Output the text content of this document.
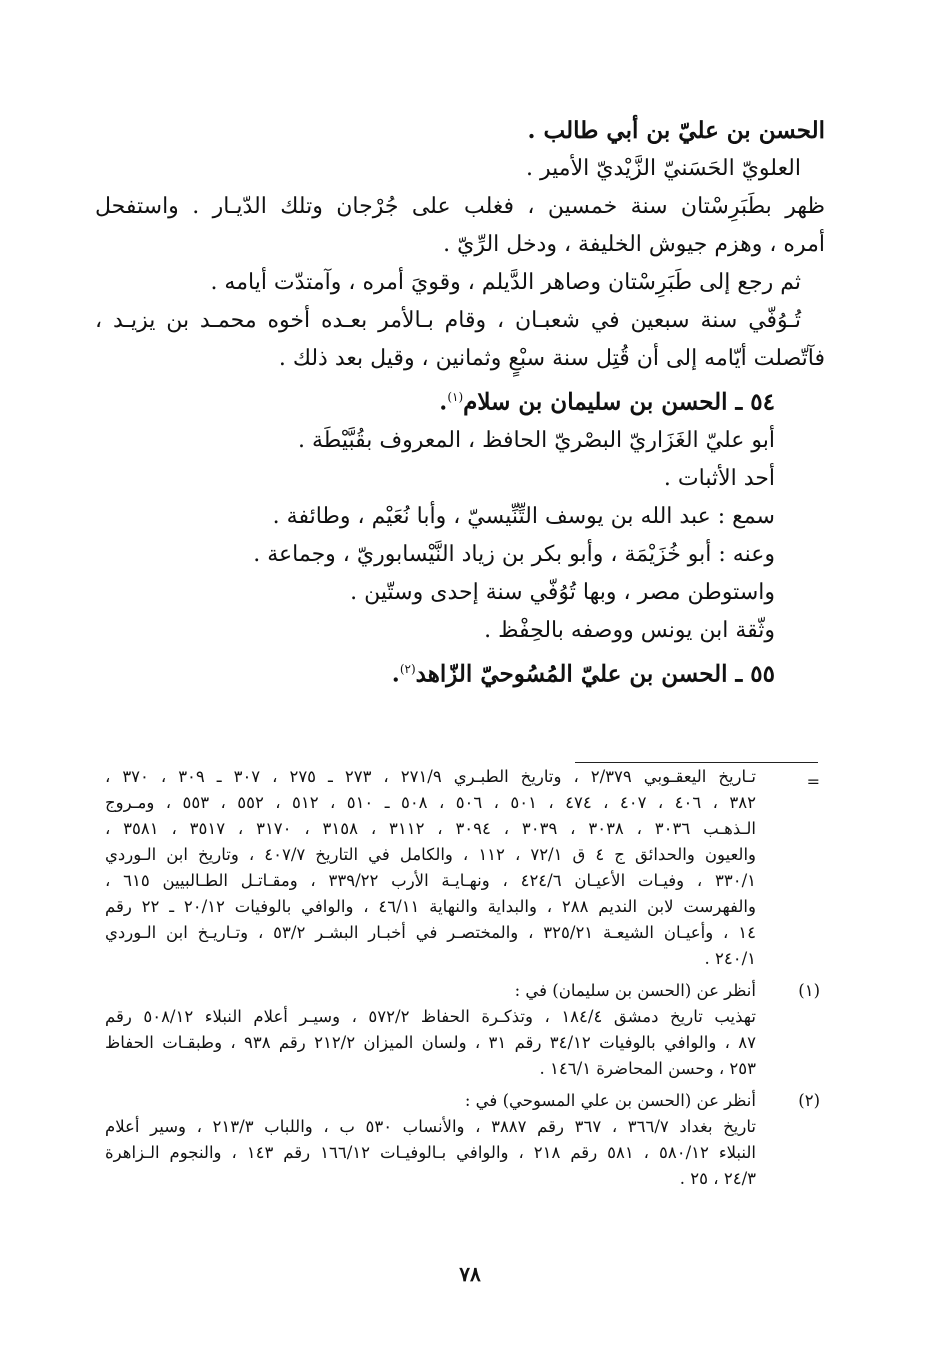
الحسن بن عليّ بن أبي طالب .
العلويّ الحَسَنيّ الزَّيْديّ الأمير .
ظهر بطَبَرِسْتان سنة خمسين ، فغلب على جُرْجان وتلك الدّيـار . واستفحل
أمره ، وهزم جيوش الخليفة ، ودخل الرِّيّ .
ثم رجع إلى طَبَرِسْتان وصاهر الدَّيلم ، وقويَ أمره ، وآمتدّت أيامه .
تُـوُفّي سنة سبعين في شعبـان ، وقام بـالأمر بعـده أخوه محمـد بن يزيـد ،
فآتّصلت أيّامه إلى أن قُتِل سنة سبْعٍ وثمانين ، وقيل بعد ذلك .
٥٤ ـ الحسن بن سليمان بن سلام$^{(١)}$.
أبو عليّ الغَزَاريّ البصْريّ الحافظ ، المعروف بقُبَّيْطَة .
أحد الأثبات .
سمع : عبد الله بن يوسف التِّنِّيسيّ ، وأبا نُعَيْم ، وطائفة .
وعنه : أبو خُزَيْمَة ، وأبو بكر بن زياد النَّيْسابوريّ ، وجماعة .
واستوطن مصر ، وبها تُوُفّي سنة إحدى وستّين .
وثّقة ابن يونس ووصفه بالحِفْظ .
٥٥ ـ الحسن بن عليّ المُسُوحيّ الزّاهد$^{(٢)}$.
=
تـاريخ اليعقـوبي ٢/٣٧٩ ، وتاريخ الطبـري ٢٧١/٩ ، ٢٧٣ ـ ٢٧٥ ، ٣٠٧ ـ ٣٠٩ ، ٣٧٠ ،
٣٨٢ ، ٤٠٦ ، ٤٠٧ ، ٤٧٤ ، ٥٠١ ، ٥٠٦ ، ٥٠٨ ـ ٥١٠ ، ٥١٢ ، ٥٥٢ ، ٥٥٣ ، ومـروج
الـذهـب ٣٠٣٦ ، ٣٠٣٨ ، ٣٠٣٩ ، ٣٠٩٤ ، ٣١١٢ ، ٣١٥٨ ، ٣١٧٠ ، ٣٥١٧ ، ٣٥٨١ ،
والعيون والحدائق ج ٤ ق ٧٢/١ ، ١١٢ ، والكامل في التاريخ ٤٠٧/٧ ، وتاريخ ابن الـوردي
٣٣٠/١ ، وفيـات الأعيـان ٤٢٤/٦ ، ونهـايـة الأرب ٣٣٩/٢٢ ، ومقـاتـل الطـالبيين ٦١٥ ،
والفهرست لابن النديم ٢٨٨ ، والبداية والنهاية ٤٦/١١ ، والوافي بالوفيات ٢٠/١٢ ـ ٢٢ رقم
١٤ ، وأعيـان الشيعـة ٣٢٥/٢١ ، والمختصـر في أخبـار البشـر ٥٣/٢ ، وتـاريـخ ابن الـوردي
٢٤٠/١ .
(١)
أنظر عن (الحسن بن سليمان) في :
تهذيب تاريخ دمشق ١٨٤/٤ ، وتذكـرة الحفاظ ٥٧٢/٢ ، وسيـر أعلام النبلاء ٥٠٨/١٢ رقم
٨٧ ، والوافي بالوفيات ٣٤/١٢ رقم ٣١ ، ولسان الميزان ٢١٢/٢ رقم ٩٣٨ ، وطبقـات الحفاظ
٢٥٣ ، وحسن المحاضرة ١٤٦/١ .
(٢)
أنظر عن (الحسن بن علي المسوحي) في :
تاريخ بغداد ٣٦٦/٧ ، ٣٦٧ رقم ٣٨٨٧ ، والأنساب ٥٣٠ ب ، واللباب ٢١٣/٣ ، وسير أعلام
النبلاء ٥٨٠/١٢ ، ٥٨١ رقم ٢١٨ ، والوافي بـالوفيـات ١٦٦/١٢ رقم ١٤٣ ، والنجوم الـزاهرة
٢٤/٣ ، ٢٥ .
٧٨
